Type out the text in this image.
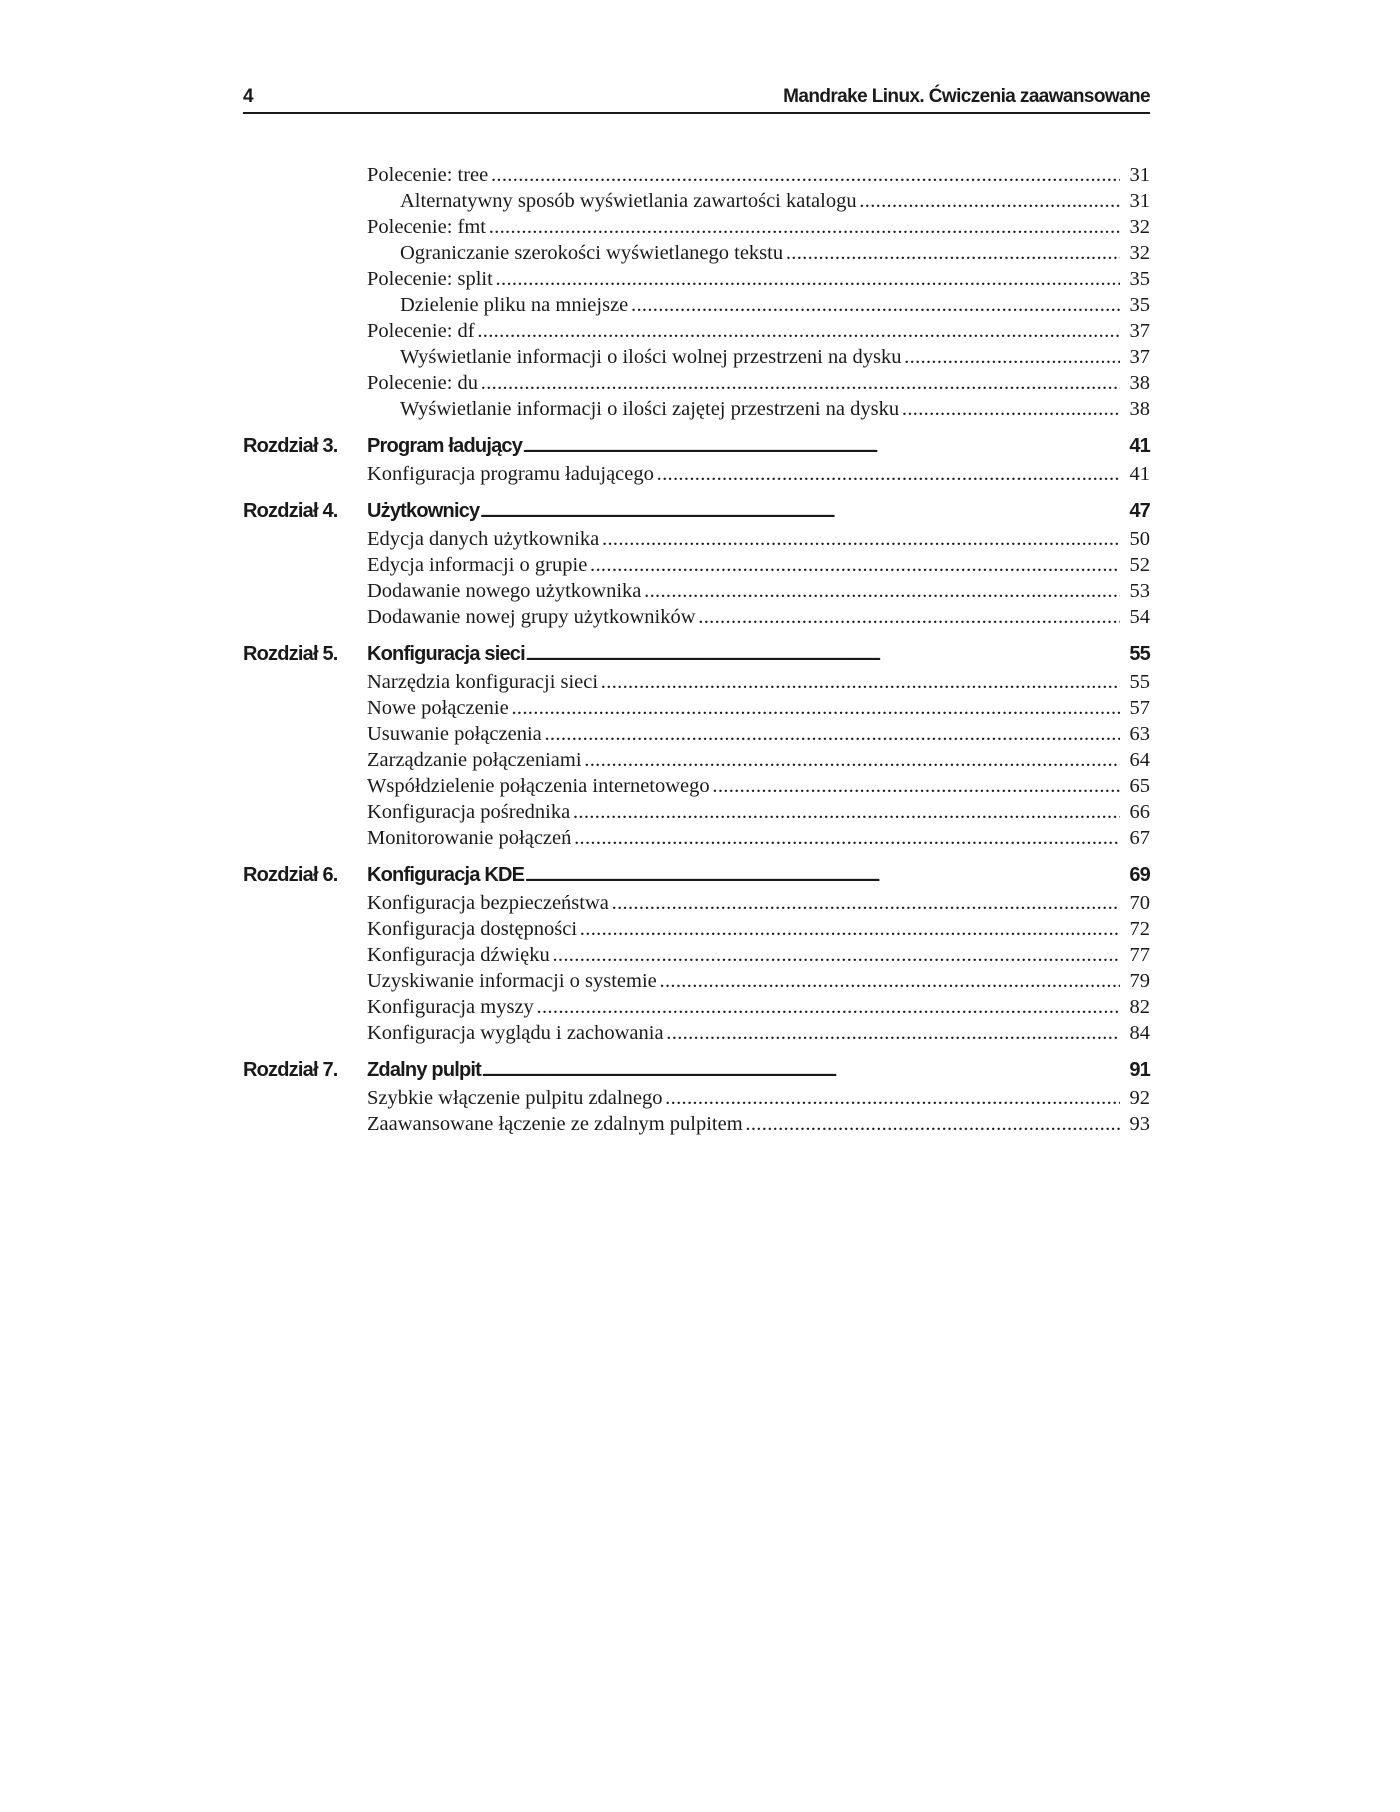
4	Mandrake Linux. Ćwiczenia zaawansowane
Polecenie: tree . . .	31
Alternatywny sposób wyświetlania zawartości katalogu . . .	31
Polecenie: fmt . . .	32
Ograniczanie szerokości wyświetlanego tekstu . . .	32
Polecenie: split . . .	35
Dzielenie pliku na mniejsze . . .	35
Polecenie: df . . .	37
Wyświetlanie informacji o ilości wolnej przestrzeni na dysku . . .	37
Polecenie: du . . .	38
Wyświetlanie informacji o ilości zajętej przestrzeni na dysku . . .	38
Rozdział 3. Program ładujący .....	41
Konfiguracja programu ładującego . . .	41
Rozdział 4. Użytkownicy .....	47
Edycja danych użytkownika . . .	50
Edycja informacji o grupie . . .	52
Dodawanie nowego użytkownika . . .	53
Dodawanie nowej grupy użytkowników . . .	54
Rozdział 5. Konfiguracja sieci .....	55
Narzędzia konfiguracji sieci . . .	55
Nowe połączenie . . .	57
Usuwanie połączenia . . .	63
Zarządzanie połączeniami . . .	64
Współdzielenie połączenia internetowego . . .	65
Konfiguracja pośrednika . . .	66
Monitorowanie połączeń . . .	67
Rozdział 6. Konfiguracja KDE .....	69
Konfiguracja bezpieczeństwa . . .	70
Konfiguracja dostępności . . .	72
Konfiguracja dźwięku . . .	77
Uzyskiwanie informacji o systemie . . .	79
Konfiguracja myszy . . .	82
Konfiguracja wyglądu i zachowania . . .	84
Rozdział 7. Zdalny pulpit .....	91
Szybkie włączenie pulpitu zdalnego . . .	92
Zaawansowane łączenie ze zdalnym pulpitem . . .	93
